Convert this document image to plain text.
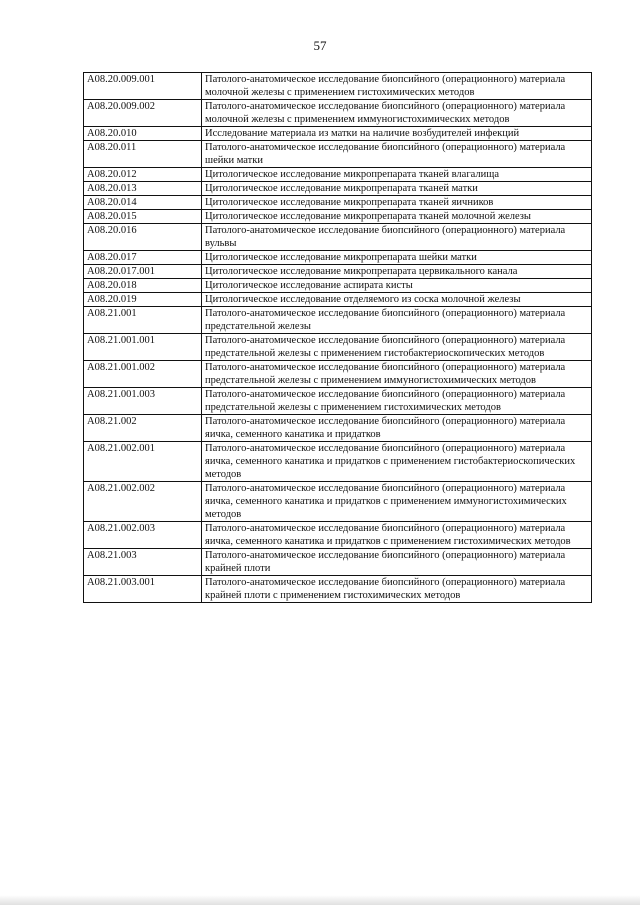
57
A08.20.009.001	Патолого-анатомическое исследование биопсийного (операционного) материала молочной железы с применением гистохимических методов
A08.20.009.002	Патолого-анатомическое исследование биопсийного (операционного) материала молочной железы с применением иммуногистохимических методов
A08.20.010	Исследование материала из матки на наличие возбудителей инфекций
A08.20.011	Патолого-анатомическое исследование биопсийного (операционного) материала шейки матки
A08.20.012	Цитологическое исследование микропрепарата тканей влагалища
A08.20.013	Цитологическое исследование микропрепарата тканей матки
A08.20.014	Цитологическое исследование микропрепарата тканей яичников
A08.20.015	Цитологическое исследование микропрепарата тканей молочной железы
A08.20.016	Патолого-анатомическое исследование биопсийного (операционного) материала вульвы
A08.20.017	Цитологическое исследование микропрепарата шейки матки
A08.20.017.001	Цитологическое исследование микропрепарата цервикального канала
A08.20.018	Цитологическое исследование аспирата кисты
A08.20.019	Цитологическое исследование отделяемого из соска молочной железы
A08.21.001	Патолого-анатомическое исследование биопсийного (операционного) материала предстательной железы
A08.21.001.001	Патолого-анатомическое исследование биопсийного (операционного) материала предстательной железы с применением гистобактериоскопических методов
A08.21.001.002	Патолого-анатомическое исследование биопсийного (операционного) материала предстательной железы с применением иммуногистохимических методов
A08.21.001.003	Патолого-анатомическое исследование биопсийного (операционного) материала предстательной железы с применением гистохимических методов
A08.21.002	Патолого-анатомическое исследование биопсийного (операционного) материала яичка, семенного канатика и придатков
A08.21.002.001	Патолого-анатомическое исследование биопсийного (операционного) материала яичка, семенного канатика и придатков с применением гистобактериоскопических методов
A08.21.002.002	Патолого-анатомическое исследование биопсийного (операционного) материала яичка, семенного канатика и придатков с применением иммуногистохимических методов
A08.21.002.003	Патолого-анатомическое исследование биопсийного (операционного) материала яичка, семенного канатика и придатков с применением гистохимических методов
A08.21.003	Патолого-анатомическое исследование биопсийного (операционного) материала крайней плоти
A08.21.003.001	Патолого-анатомическое исследование биопсийного (операционного) материала крайней плоти с применением гистохимических методов
